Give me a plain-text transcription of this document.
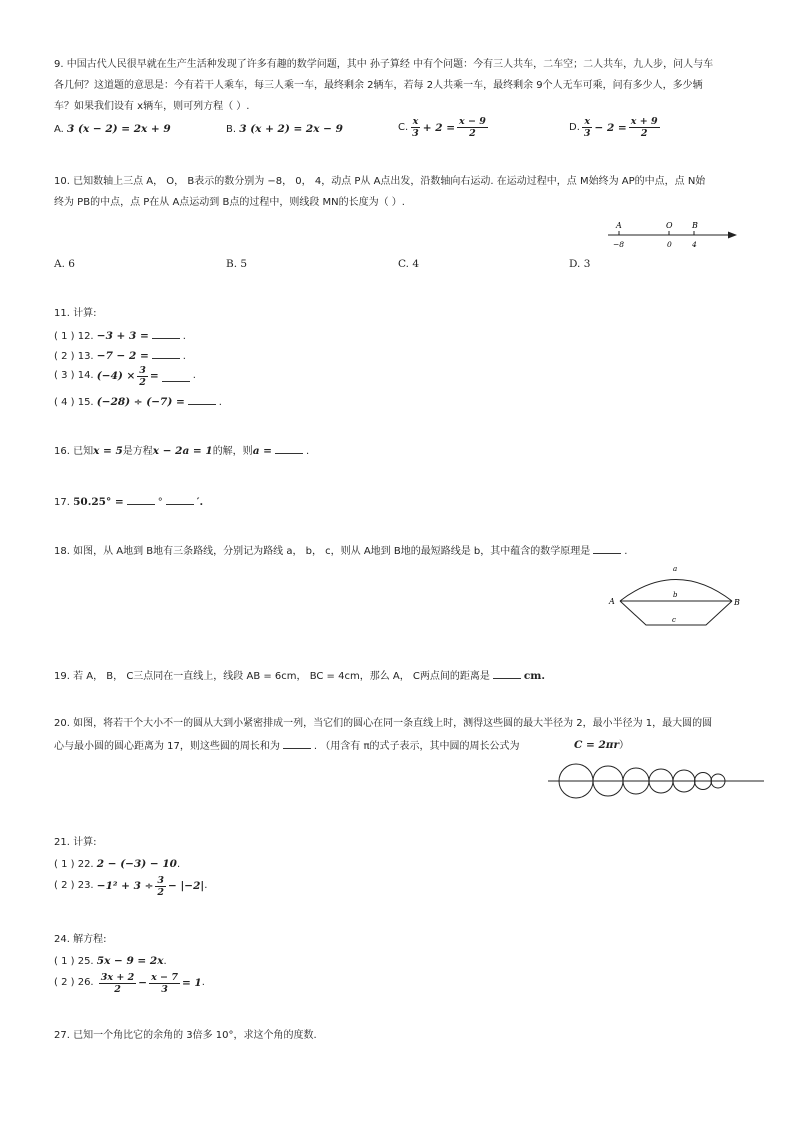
9. 中国古代人民很早就在生产生活种发现了许多有趣的数学问题，其中 孙子算经 中有个问题：今有三人共车，二车空；二人共车，九人步，问人与车
各几何？这道题的意思是：今有若干人乘车，每三人乘一车，最终剩余 2辆车，若每 2人共乘一车，最终剩余 9个人无车可乘，问有多少人，多少辆
车？如果我们设有 x辆车，则可列方程（ ）.
A. 3 (x − 2) = 2x + 9	B. 3 (x + 2) = 2x − 9	C. $\frac{x}{3} + 2 = \frac{x - 9}{2}$	D. $\frac{x}{3} - 2 = \frac{x + 9}{2}$
10. 已知数轴上三点 A， O， B表示的数分别为 −8， 0， 4，动点 P从 A点出发，沿数轴向右运动. 在运动过程中，点 M始终为 AP的中点，点 N始
终为 PB的中点，点 P在从 A点运动到 B点的过程中，则线段 MN的长度为（ ）.
A	O B
−8	0	4
A. 6	B. 5	C. 4	D. 3
11. 计算:
( 1 ) 12. −3 + 3 =	.
( 2 ) 13. −7 − 2 =	.
( 3 ) 14.
$(-4) \times \frac{3}{2}$ =	.
( 4 ) 15. (−28) ÷ (−7) =	.
16. 已知x = 5是方程x − 2a = 1的解，则a =	.
17. 50.25° =	°	′.
18. 如图，从 A地到 B地有三条路线，分别记为路线 a， b， c，则从 A地到 B地的最短路线是 b，其中蕴含的数学原理是	.
A	B
a
b
c
19. 若 A， B， C三点同在一直线上，线段 AB = 6cm， BC = 4cm，那么 A， C两点间的距离是	cm.
20. 如图，将若干个大小不一的圆从大到小紧密排成一列，当它们的圆心在同一条直线上时，测得这些圆的最大半径为 2，最小半径为 1，最大圆的圆
心与最小圆的圆心距离为 17，则这些圆的周长和为	. （用含有 π的式子表示，其中圆的周长公式为	C = 2πr）
21. 计算:
( 1 ) 22. 2 − (−3) − 10.
( 2 ) 23.
$-1^2 + 3 \div \frac{3}{2} - |-2|$ .
24. 解方程:
( 1 ) 25. 5x − 9 = 2x.
( 2 ) 26.
$\frac{3x + 2}{2} - \frac{x - 7}{3} = 1$ .
27. 已知一个角比它的余角的 3倍多 10°，求这个角的度数.
